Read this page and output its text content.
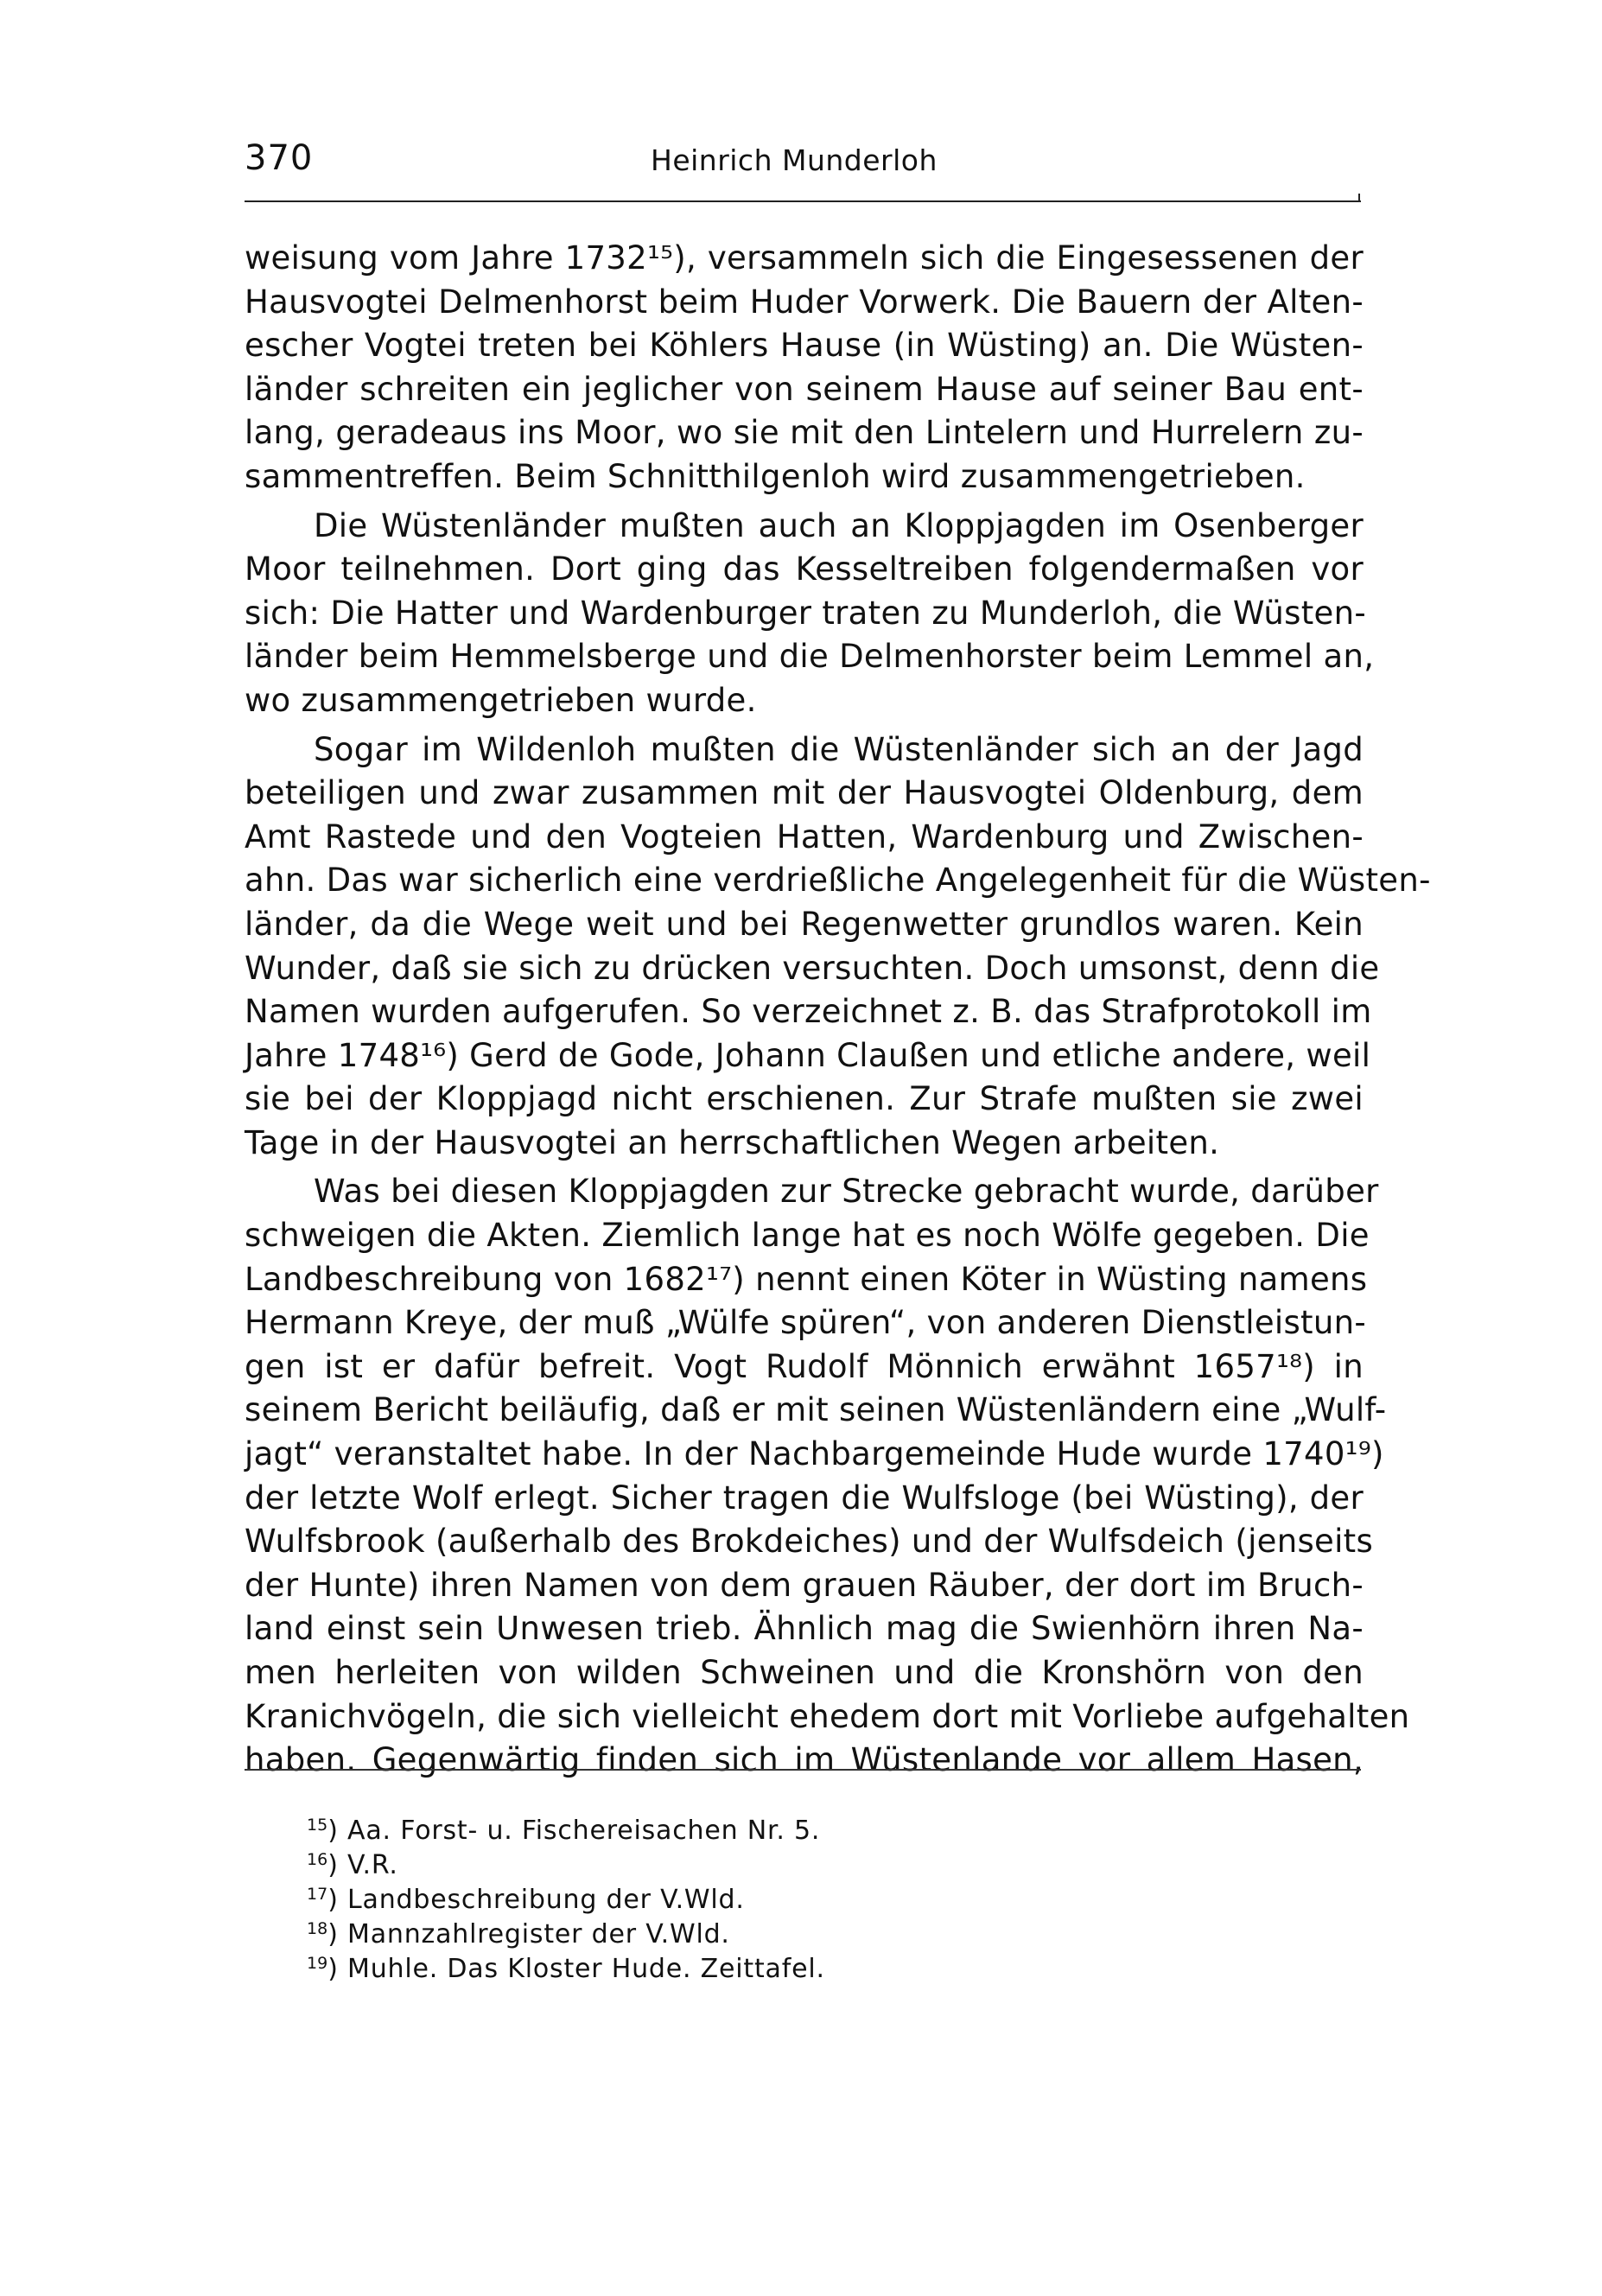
370	Heinrich Munderloh
weisung vom Jahre 1732¹⁵), versammeln sich die Eingesessenen der
Hausvogtei Delmenhorst beim Huder Vorwerk. Die Bauern der Alten-
escher Vogtei treten bei Köhlers Hause (in Wüsting) an. Die Wüsten-
länder schreiten ein jeglicher von seinem Hause auf seiner Bau ent-
lang, geradeaus ins Moor, wo sie mit den Lintelern und Hurrelern zu-
sammentreffen. Beim Schnitthilgenloh wird zusammengetrieben.
Die Wüstenländer mußten auch an Kloppjagden im Osenberger
Moor teilnehmen. Dort ging das Kesseltreiben folgendermaßen vor
sich: Die Hatter und Wardenburger traten zu Munderloh, die Wüsten-
länder beim Hemmelsberge und die Delmenhorster beim Lemmel an,
wo zusammengetrieben wurde.
Sogar im Wildenloh mußten die Wüstenländer sich an der Jagd
beteiligen und zwar zusammen mit der Hausvogtei Oldenburg, dem
Amt Rastede und den Vogteien Hatten, Wardenburg und Zwischen-
ahn. Das war sicherlich eine verdrießliche Angelegenheit für die Wüsten-
länder, da die Wege weit und bei Regenwetter grundlos waren. Kein
Wunder, daß sie sich zu drücken versuchten. Doch umsonst, denn die
Namen wurden aufgerufen. So verzeichnet z. B. das Strafprotokoll im
Jahre 1748¹⁶) Gerd de Gode, Johann Claußen und etliche andere, weil
sie bei der Kloppjagd nicht erschienen. Zur Strafe mußten sie zwei
Tage in der Hausvogtei an herrschaftlichen Wegen arbeiten.
Was bei diesen Kloppjagden zur Strecke gebracht wurde, darüber
schweigen die Akten. Ziemlich lange hat es noch Wölfe gegeben. Die
Landbeschreibung von 1682¹⁷) nennt einen Köter in Wüsting namens
Hermann Kreye, der muß „Wülfe spüren“, von anderen Dienstleistun-
gen ist er dafür befreit. Vogt Rudolf Mönnich erwähnt 1657¹⁸) in
seinem Bericht beiläufig, daß er mit seinen Wüstenländern eine „Wulf-
jagt“ veranstaltet habe. In der Nachbargemeinde Hude wurde 1740¹⁹)
der letzte Wolf erlegt. Sicher tragen die Wulfsloge (bei Wüsting), der
Wulfsbrook (außerhalb des Brokdeiches) und der Wulfsdeich (jenseits
der Hunte) ihren Namen von dem grauen Räuber, der dort im Bruch-
land einst sein Unwesen trieb. Ähnlich mag die Swienhörn ihren Na-
men herleiten von wilden Schweinen und die Kronshörn von den
Kranichvögeln, die sich vielleicht ehedem dort mit Vorliebe aufgehalten
haben. Gegenwärtig finden sich im Wüstenlande vor allem Hasen,
$^{15}$) Aa. Forst- u. Fischereisachen Nr. 5.
$^{16}$) V.R.
$^{17}$) Landbeschreibung der V.Wld.
$^{18}$) Mannzahlregister der V.Wld.
$^{19}$) Muhle. Das Kloster Hude. Zeittafel.
